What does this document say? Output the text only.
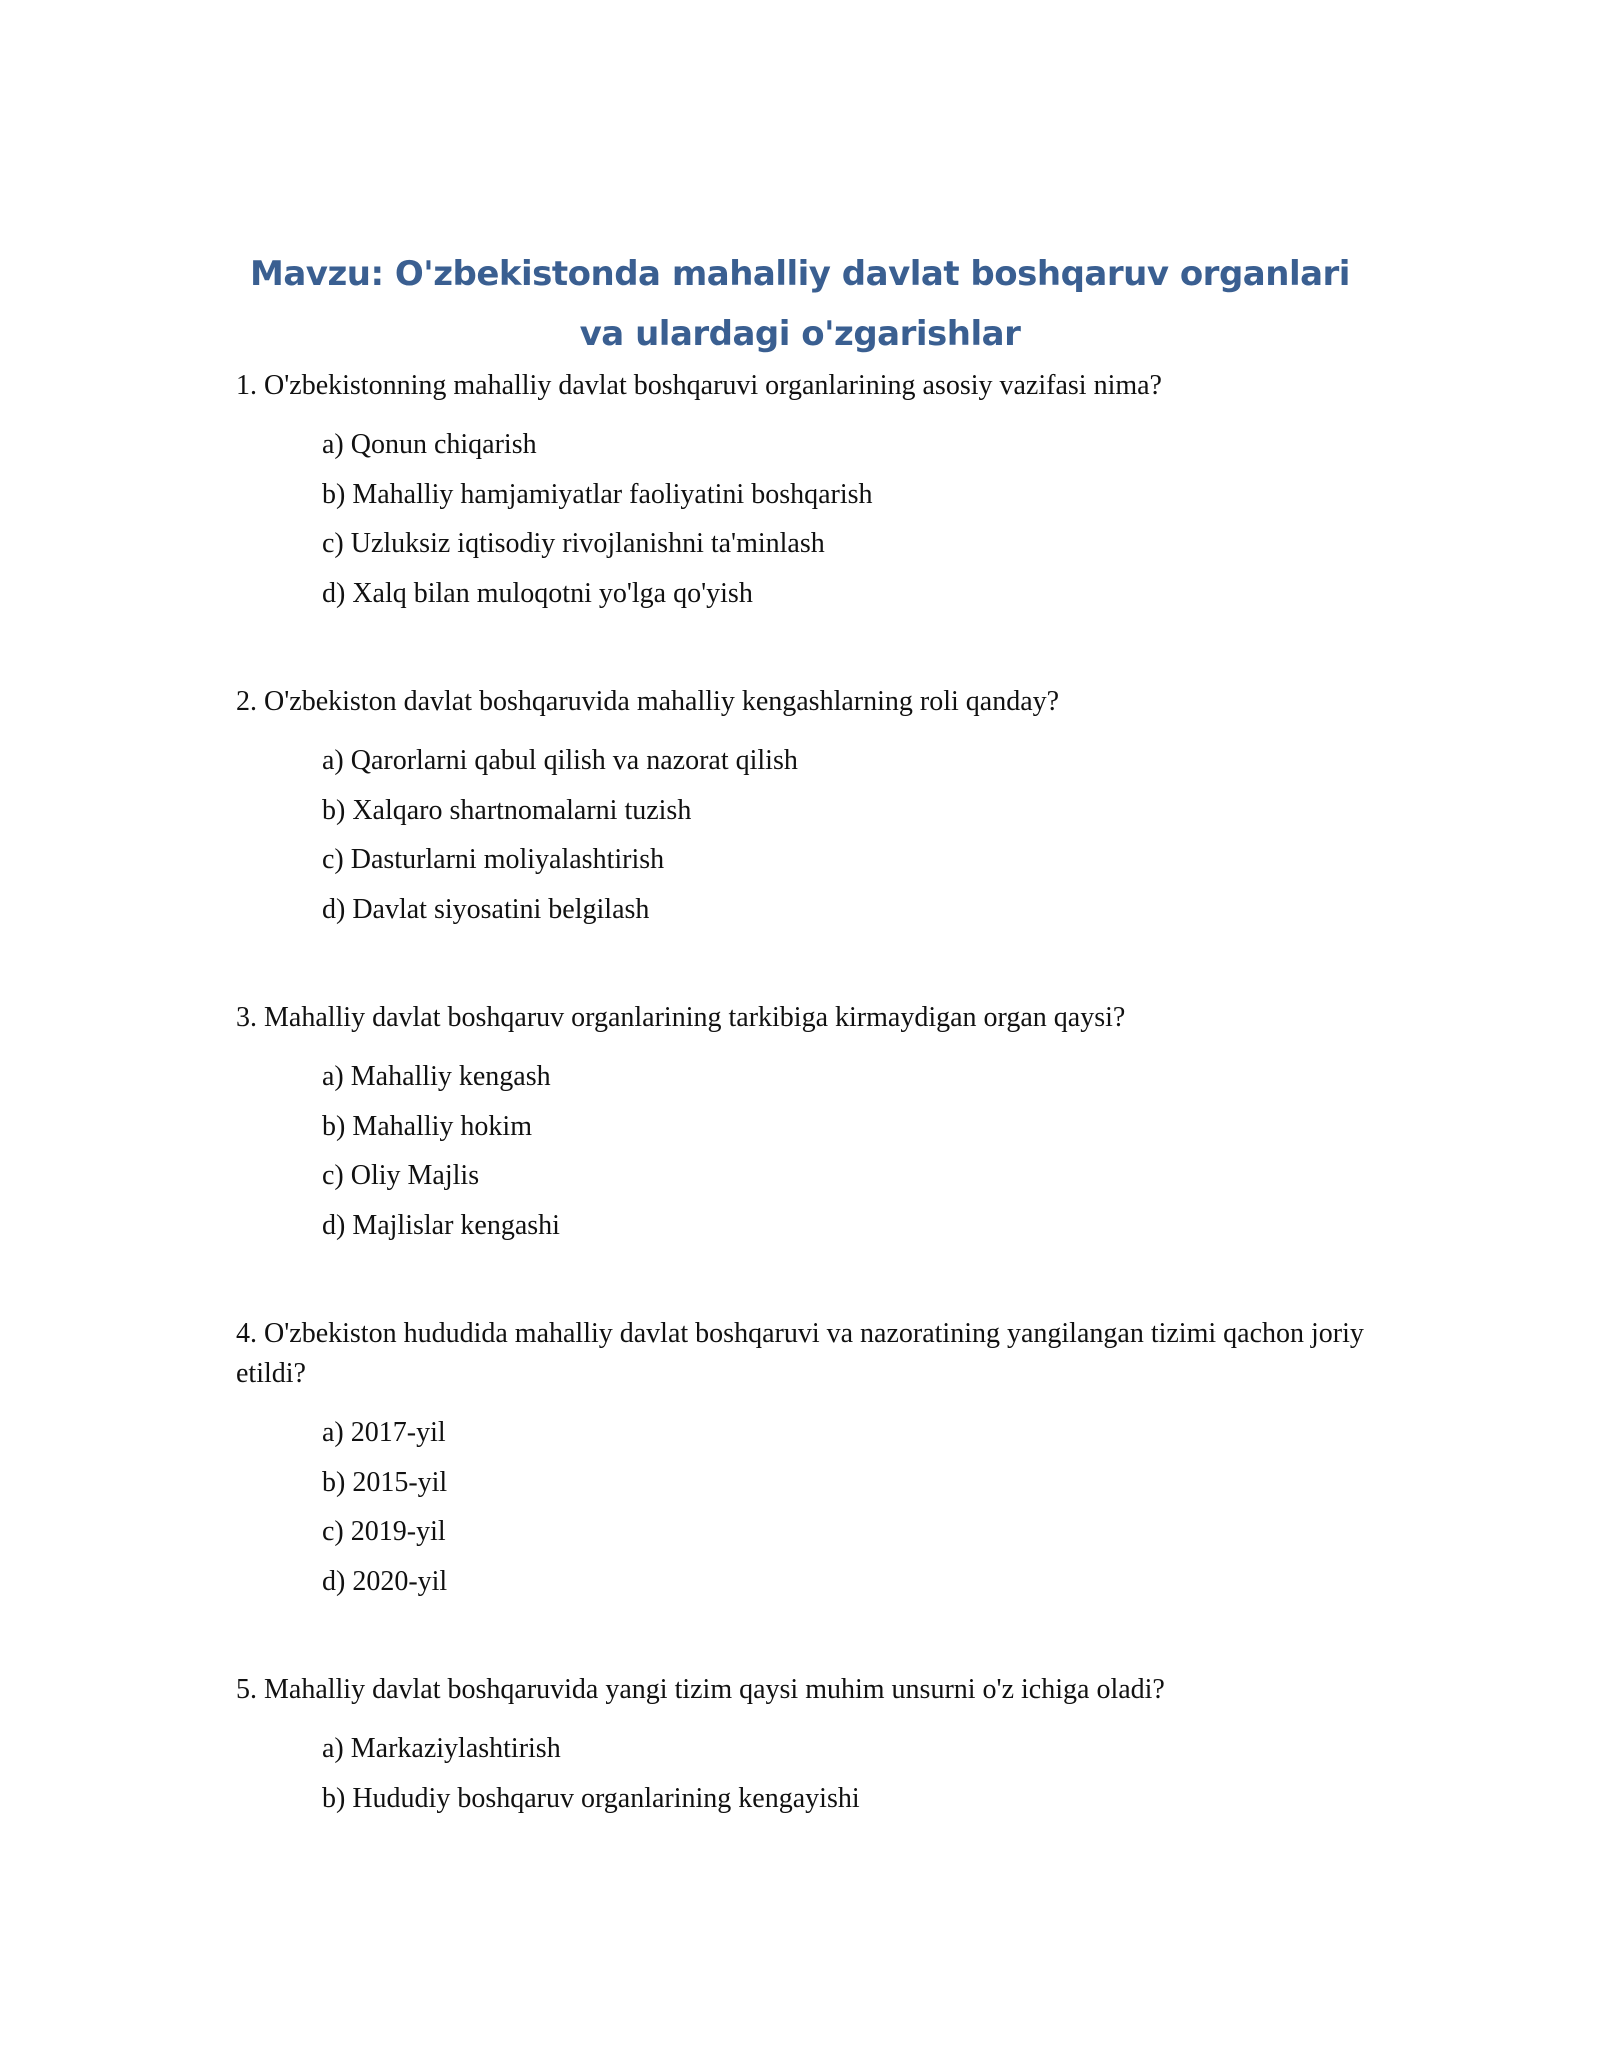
Mavzu: O'zbekistonda mahalliy davlat boshqaruv organlari va ulardagi o'zgarishlar

1. O'zbekistonning mahalliy davlat boshqaruvi organlarining asosiy vazifasi nima?

a) Qonun chiqarish
b) Mahalliy hamjamiyatlar faoliyatini boshqarish
c) Uzluksiz iqtisodiy rivojlanishni ta'minlash
d) Xalq bilan muloqotni yo'lga qo'yish

2. O'zbekiston davlat boshqaruvida mahalliy kengashlarning roli qanday?

a) Qarorlarni qabul qilish va nazorat qilish
b) Xalqaro shartnomalarni tuzish
c) Dasturlarni moliyalashtirish
d) Davlat siyosatini belgilash

3. Mahalliy davlat boshqaruv organlarining tarkibiga kirmaydigan organ qaysi?

a) Mahalliy kengash
b) Mahalliy hokim
c) Oliy Majlis
d) Majlislar kengashi

4. O'zbekiston hududida mahalliy davlat boshqaruvi va nazoratining yangilangan tizimi qachon joriy etildi?

a) 2017-yil
b) 2015-yil
c) 2019-yil
d) 2020-yil

5. Mahalliy davlat boshqaruvida yangi tizim qaysi muhim unsurni o'z ichiga oladi?

a) Markaziylashtirish
b) Hududiy boshqaruv organlarining kengayishi
